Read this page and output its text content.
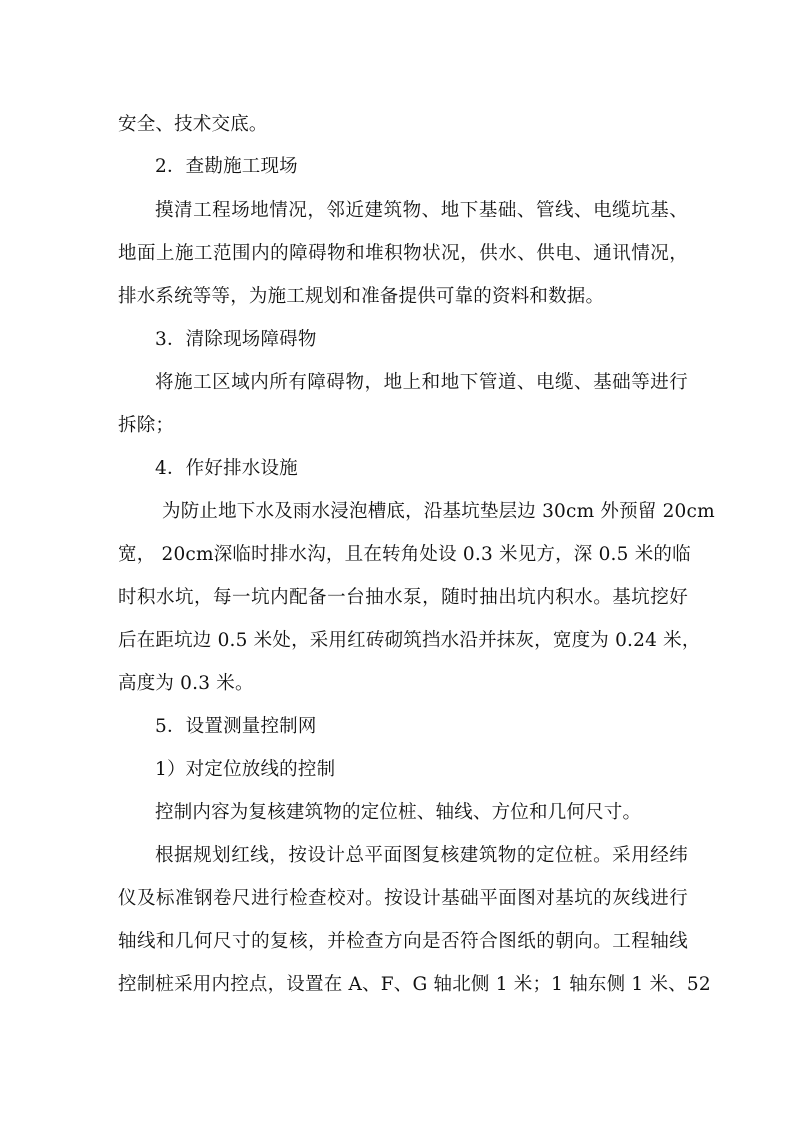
安全、技术交底。
2．查勘施工现场
摸清工程场地情况，邻近建筑物、地下基础、管线、电缆坑基、
地面上施工范围内的障碍物和堆积物状况，供水、供电、通讯情况，
排水系统等等，为施工规划和准备提供可靠的资料和数据。
3．清除现场障碍物
将施工区域内所有障碍物，地上和地下管道、电缆、基础等进行
拆除；
4．作好排水设施
为防止地下水及雨水浸泡槽底，沿基坑垫层边 30cm 外预留 20cm
宽， 20cm深临时排水沟，且在转角处设 0.3 米见方，深 0.5 米的临
时积水坑，每一坑内配备一台抽水泵，随时抽出坑内积水。基坑挖好
后在距坑边 0.5 米处，采用红砖砌筑挡水沿并抹灰，宽度为 0.24 米，
高度为 0.3 米。
5．设置测量控制网
1）对定位放线的控制
控制内容为复核建筑物的定位桩、轴线、方位和几何尺寸。
根据规划红线，按设计总平面图复核建筑物的定位桩。采用经纬
仪及标准钢卷尺进行检查校对。按设计基础平面图对基坑的灰线进行
轴线和几何尺寸的复核，并检查方向是否符合图纸的朝向。工程轴线
控制桩采用内控点，设置在 A、F、G 轴北侧 1 米；1 轴东侧 1 米、52
